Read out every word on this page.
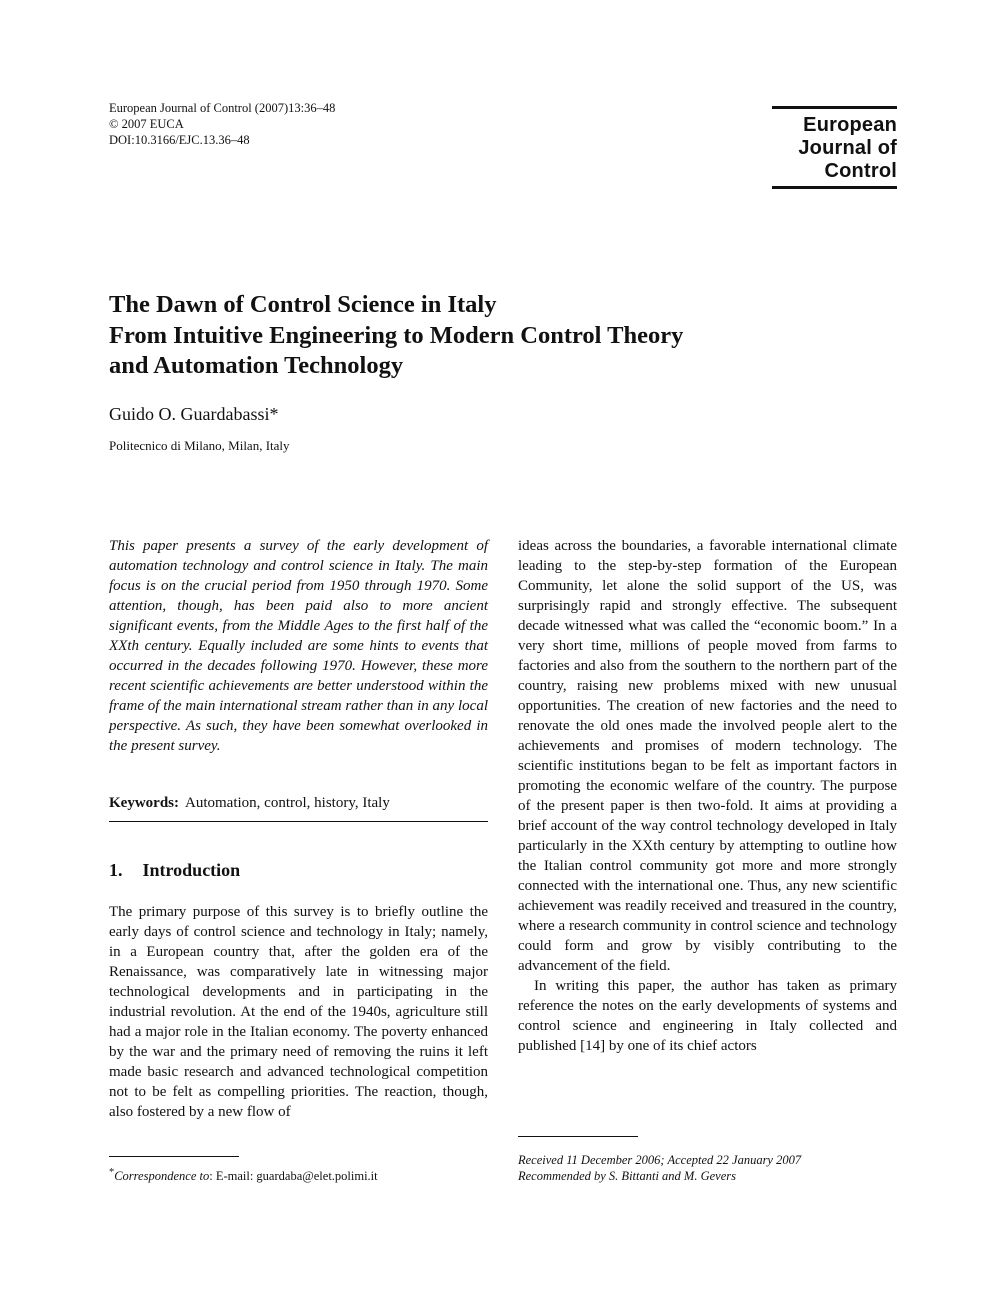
European Journal of Control (2007)13:36–48
© 2007 EUCA
DOI:10.3166/EJC.13.36–48
European
Journal of
Control
The Dawn of Control Science in Italy
From Intuitive Engineering to Modern Control Theory
and Automation Technology
Guido O. Guardabassi*
Politecnico di Milano, Milan, Italy

This paper presents a survey of the early development of automation technology and control science in Italy. The main focus is on the crucial period from 1950 through 1970. Some attention, though, has been paid also to more ancient significant events, from the Middle Ages to the first half of the XXth century. Equally included are some hints to events that occurred in the decades following 1970. However, these more recent scientific achievements are better understood within the frame of the main international stream rather than in any local perspective. As such, they have been somewhat overlooked in the present survey.

Keywords: Automation, control, history, Italy
1. Introduction

The primary purpose of this survey is to briefly outline the early days of control science and technology in Italy; namely, in a European country that, after the golden era of the Renaissance, was comparatively late in witnessing major technological developments and in participating in the industrial revolution. At the end of the 1940s, agriculture still had a major role in the Italian economy. The poverty enhanced by the war and the primary need of removing the ruins it left made basic research and advanced technological competition not to be felt as compelling priorities. The reaction, though, also fostered by a new flow of

ideas across the boundaries, a favorable international climate leading to the step-by-step formation of the European Community, let alone the solid support of the US, was surprisingly rapid and strongly effective. The subsequent decade witnessed what was called the “economic boom.” In a very short time, millions of people moved from farms to factories and also from the southern to the northern part of the country, raising new problems mixed with new unusual opportunities. The creation of new factories and the need to renovate the old ones made the involved people alert to the achievements and promises of modern technology. The scientific institutions began to be felt as important factors in promoting the economic welfare of the country. The purpose of the present paper is then two-fold. It aims at providing a brief account of the way control technology developed in Italy particularly in the XXth century by attempting to outline how the Italian control community got more and more strongly connected with the international one. Thus, any new scientific achievement was readily received and treasured in the country, where a research community in control science and technology could form and grow by visibly contributing to the advancement of the field.

In writing this paper, the author has taken as primary reference the notes on the early developments of systems and control science and engineering in Italy collected and published [14] by one of its chief actors

*Correspondence to: E-mail: guardaba@elet.polimi.it
Received 11 December 2006; Accepted 22 January 2007
Recommended by S. Bittanti and M. Gevers
